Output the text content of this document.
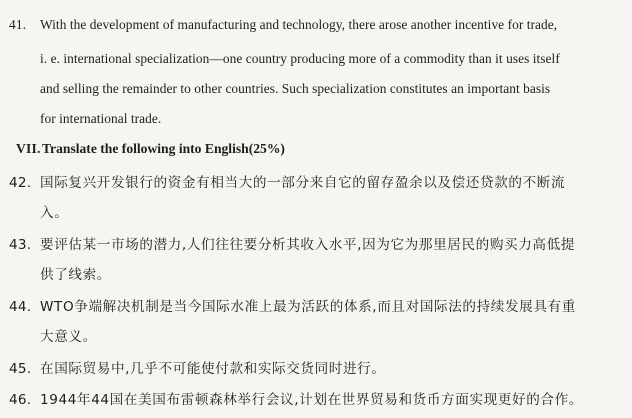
41.	With the development of manufacturing and technology, there arose another incentive for trade,
i. e. international specialization—one country producing more of a commodity than it uses itself
and selling the remainder to other countries. Such specialization constitutes an important basis
for international trade.
VII. Translate the following into English(25%)
42. 国际复兴开发银行的资金有相当大的一部分来自它的留存盈余以及偿还贷款的不断流
入。
43. 要评估某一市场的潜力,人们往往要分析其收入水平,因为它为那里居民的购买力高低提
供了线索。
44. WTO争端解决机制是当今国际水准上最为活跃的体系,而且对国际法的持续发展具有重
大意义。
45. 在国际贸易中,几乎不可能使付款和实际交货同时进行。
46. 1944年44国在美国布雷顿森林举行会议,计划在世界贸易和货币方面实现更好的合作。
